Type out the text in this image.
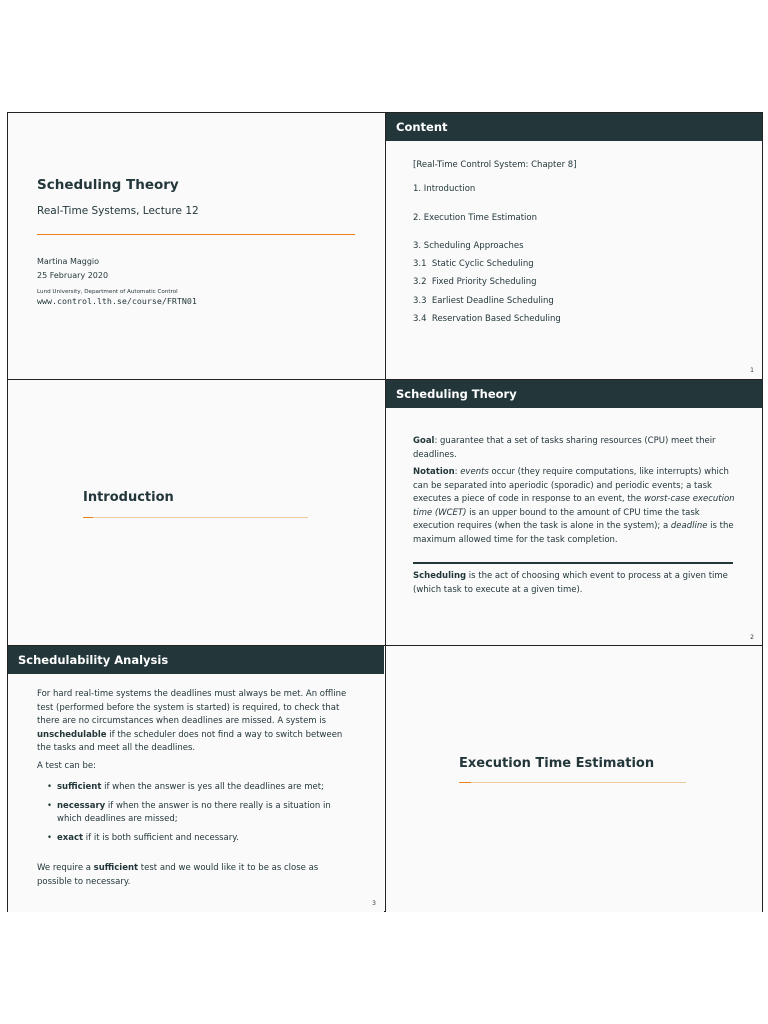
Scheduling Theory
Real-Time Systems, Lecture 12
Martina Maggio
25 February 2020
Lund University, Department of Automatic Control
www.control.lth.se/course/FRTN01
Content
[Real-Time Control System: Chapter 8]
1. Introduction
2. Execution Time Estimation
3. Scheduling Approaches
3.1  Static Cyclic Scheduling
3.2  Fixed Priority Scheduling
3.3  Earliest Deadline Scheduling
3.4  Reservation Based Scheduling
1
Introduction
Scheduling Theory
Goal: guarantee that a set of tasks sharing resources (CPU) meet their deadlines.
Notation: events occur (they require computations, like interrupts) which can be separated into aperiodic (sporadic) and periodic events; a task executes a piece of code in response to an event, the worst-case execution time (WCET) is an upper bound to the amount of CPU time the task execution requires (when the task is alone in the system); a deadline is the maximum allowed time for the task completion.
Scheduling is the act of choosing which event to process at a given time (which task to execute at a given time).
2
Schedulability Analysis
For hard real-time systems the deadlines must always be met. An offline test (performed before the system is started) is required, to check that there are no circumstances when deadlines are missed. A system is unschedulable if the scheduler does not find a way to switch between the tasks and meet all the deadlines.
A test can be:
• sufficient if when the answer is yes all the deadlines are met;
• necessary if when the answer is no there really is a situation in which deadlines are missed;
• exact if it is both sufficient and necessary.
We require a sufficient test and we would like it to be as close as possible to necessary.
3
Execution Time Estimation
